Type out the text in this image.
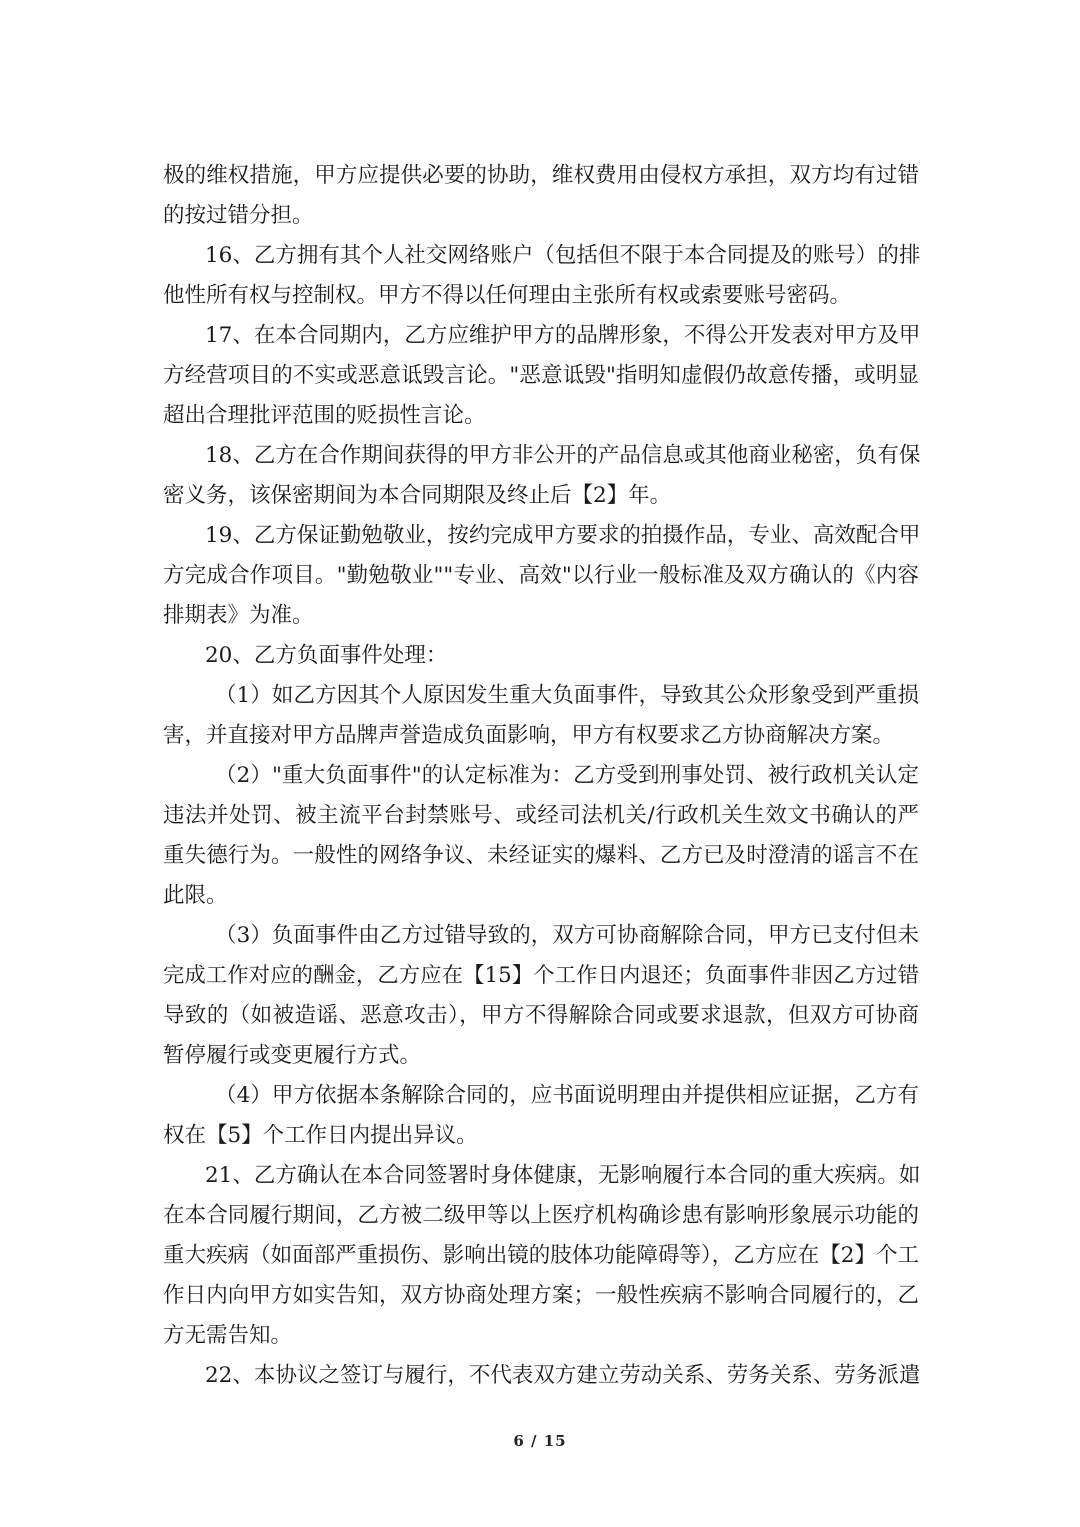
极的维权措施，甲方应提供必要的协助，维权费用由侵权方承担，双方均有过错
的按过错分担。
16、乙方拥有其个人社交网络账户（包括但不限于本合同提及的账号）的排
他性所有权与控制权。甲方不得以任何理由主张所有权或索要账号密码。
17、在本合同期内，乙方应维护甲方的品牌形象，不得公开发表对甲方及甲
方经营项目的不实或恶意诋毁言论。"恶意诋毁"指明知虚假仍故意传播，或明显
超出合理批评范围的贬损性言论。
18、乙方在合作期间获得的甲方非公开的产品信息或其他商业秘密，负有保
密义务，该保密期间为本合同期限及终止后【2】年。
19、乙方保证勤勉敬业，按约完成甲方要求的拍摄作品，专业、高效配合甲
方完成合作项目。"勤勉敬业""专业、高效"以行业一般标准及双方确认的《内容
排期表》为准。
20、乙方负面事件处理：
（1）如乙方因其个人原因发生重大负面事件，导致其公众形象受到严重损
害，并直接对甲方品牌声誉造成负面影响，甲方有权要求乙方协商解决方案。
（2）"重大负面事件"的认定标准为：乙方受到刑事处罚、被行政机关认定
违法并处罚、被主流平台封禁账号、或经司法机关/行政机关生效文书确认的严
重失德行为。一般性的网络争议、未经证实的爆料、乙方已及时澄清的谣言不在
此限。
（3）负面事件由乙方过错导致的，双方可协商解除合同，甲方已支付但未
完成工作对应的酬金，乙方应在【15】个工作日内退还；负面事件非因乙方过错
导致的（如被造谣、恶意攻击），甲方不得解除合同或要求退款，但双方可协商
暂停履行或变更履行方式。
（4）甲方依据本条解除合同的，应书面说明理由并提供相应证据，乙方有
权在【5】个工作日内提出异议。
21、乙方确认在本合同签署时身体健康，无影响履行本合同的重大疾病。如
在本合同履行期间，乙方被二级甲等以上医疗机构确诊患有影响形象展示功能的
重大疾病（如面部严重损伤、影响出镜的肢体功能障碍等），乙方应在【2】个工
作日内向甲方如实告知，双方协商处理方案；一般性疾病不影响合同履行的，乙
方无需告知。
22、本协议之签订与履行，不代表双方建立劳动关系、劳务关系、劳务派遣
6 / 15
